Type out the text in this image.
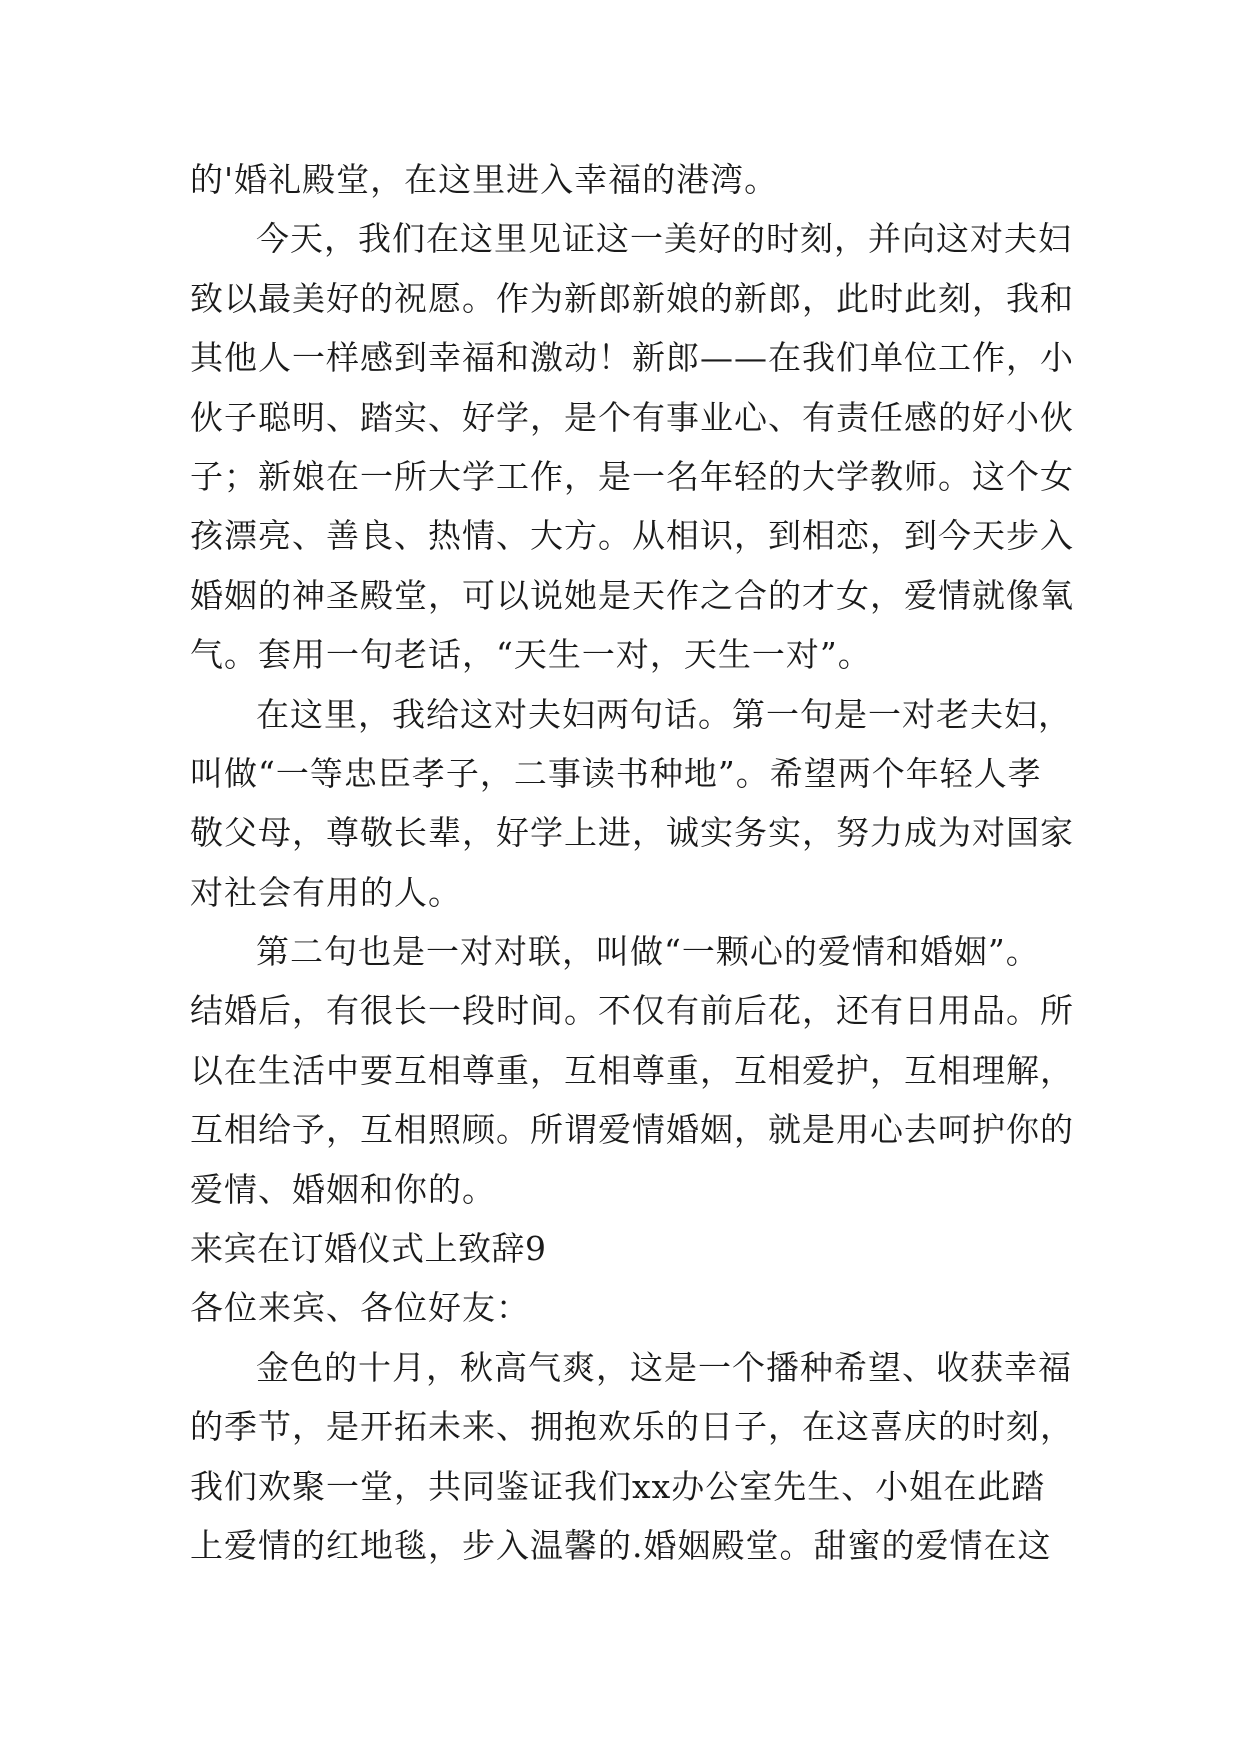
的'婚礼殿堂，在这里进入幸福的港湾。
今天，我们在这里见证这一美好的时刻，并向这对夫妇
致以最美好的祝愿。作为新郎新娘的新郎，此时此刻，我和
其他人一样感到幸福和激动！新郎——在我们单位工作，小
伙子聪明、踏实、好学，是个有事业心、有责任感的好小伙
子；新娘在一所大学工作，是一名年轻的大学教师。这个女
孩漂亮、善良、热情、大方。从相识，到相恋，到今天步入
婚姻的神圣殿堂，可以说她是天作之合的才女，爱情就像氧
气。套用一句老话，“天生一对，天生一对”。
在这里，我给这对夫妇两句话。第一句是一对老夫妇，
叫做“一等忠臣孝子，二事读书种地”。希望两个年轻人孝
敬父母，尊敬长辈，好学上进，诚实务实，努力成为对国家
对社会有用的人。
第二句也是一对对联，叫做“一颗心的爱情和婚姻”。
结婚后，有很长一段时间。不仅有前后花，还有日用品。所
以在生活中要互相尊重，互相尊重，互相爱护，互相理解，
互相给予，互相照顾。所谓爱情婚姻，就是用心去呵护你的
爱情、婚姻和你的。
来宾在订婚仪式上致辞9
各位来宾、各位好友：
金色的十月，秋高气爽，这是一个播种希望、收获幸福
的季节，是开拓未来、拥抱欢乐的日子，在这喜庆的时刻，
我们欢聚一堂，共同鉴证我们xx办公室先生、小姐在此踏
上爱情的红地毯，步入温馨的.婚姻殿堂。甜蜜的爱情在这
